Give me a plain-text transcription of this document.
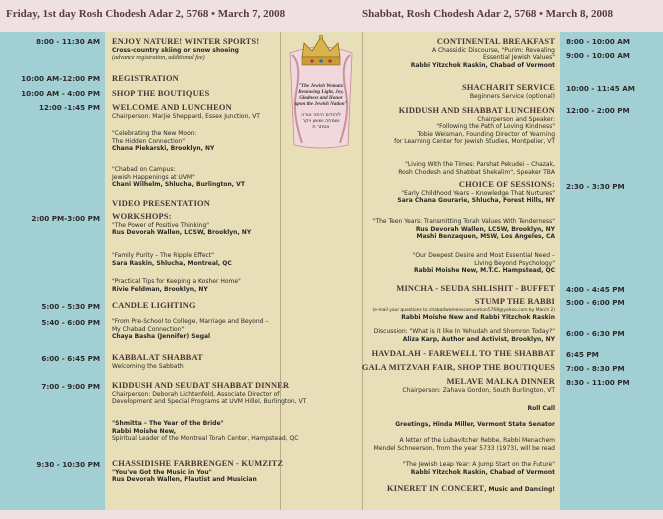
Friday, 1st day Rosh Chodesh Adar 2, 5768 • March 7, 2008	Shabbat, Rosh Chodesh Adar 2, 5768 • March 8, 2008
8:00 - 11:30 AM
10:00 AM-12:00 PM
10:00 AM - 4:00 PM
12:00 -1:45 PM
2:00 PM-3:00 PM
5:00 - 5:30 PM
5:40 - 6:00 PM
6:00 - 6:45 PM
7:00 - 9:00 PM
9:30 - 10:30 PM
8:00 - 10:00 AM
9:00 - 10:00 AM
10:00 - 11:45 AM
12:00 - 2:00 PM
2:30 - 3:30 PM
4:00 - 4:45 PM
5:00 - 6:00 PM
6:00 - 6:30 PM
6:45 PM
7:00 - 8:30 PM
8:30 - 11:00 PM
"The Jewish Woman:
Bestowing Light, Joy,
Gladness and Honor
upon the Jewish Nation"
ליהודים היתה אורה
ושמחה וששון ויקר
אסתר ח
ENJOY NATURE! WINTER SPORTS!
Cross-country skiing or snow shoeing
(advance registration, additional fee)
REGISTRATION
SHOP THE BOUTIQUES
WELCOME AND LUNCHEON
Chairperson: Marjie Sheppard, Essex Junction, VT
"Celebrating the New Moon:
The Hidden Connection"
Chana Piekarski, Brooklyn, NY
"Chabad on Campus:
Jewish Happenings at UVM"
Chani Wilhelm, Shlucha, Burlington, VT
VIDEO PRESENTATION
WORKSHOPS:
"The Power of Positive Thinking"
Rus Devorah Wallen, LCSW, Brooklyn, NY
"Family Purity – The Ripple Effect"
Sara Raskin, Shlucha, Montreal, QC
"Practical Tips for Keeping a Kosher Home"
Rivie Feldman, Brooklyn, NY
CANDLE LIGHTING
"From Pre-School to College, Marriage and Beyond –
My Chabad Connection"
Chaya Basha (Jennifer) Segal
KABBALAT SHABBAT
Welcoming the Sabbath
KIDDUSH AND SEUDAT SHABBAT DINNER
Chairperson: Deborah Lichtenfeld, Associate Director of
Development and Special Programs at UVM Hillel, Burlington, VT
"Shmitta – The Year of the Bride"
Rabbi Moishe New,
Spiritual Leader of the Montreal Torah Center, Hampstead, QC
CHASSIDISHE FARBRENGEN - KUMZITZ
"You've Got the Music in You"
Rus Devorah Wallen, Flautist and Musician
CONTINENTAL BREAKFAST
A Chassidic Discourse, "Purim: Revealing
Essential Jewish Values"
Rabbi Yitzchok Raskin, Chabad of Vermont
SHACHARIT SERVICE
Beginners Service (optional)
KIDDUSH AND SHABBAT LUNCHEON
Chairperson and Speaker:
"Following the Path of Loving Kindness"
Tobie Weisman, Founding Director of Yearning
for Learning Center for Jewish Studies, Montpelier, VT
"Living With the Times: Parshat Pekudei – Chazak,
Rosh Chodesh and Shabbat Shekalim", Speaker TBA
CHOICE OF SESSIONS:
"Early Childhood Years – Knowledge That Nurtures"
Sara Chana Gourarie, Shlucha, Forest Hills, NY
"The Teen Years: Transmitting Torah Values With Tenderness"
Rus Devorah Wallen, LCSW, Brooklyn, NY
Mashi Benzaquen, MSW, Los Angeles, CA
"Our Deepest Desire and Most Essential Need –
Living Beyond Psychology"
Rabbi Moishe New, M.T.C. Hampstead, QC
MINCHA - SEUDA SHLISHIT - BUFFET
STUMP THE RABBI
(e-mail your questions to chabadwomensconvention5768@yahoo.com by March 2)
Rabbi Moishe New and Rabbi Yitzchok Raskin
Discussion: "What is it like In Yehudah and Shomron Today?"
Aliza Karp, Author and Activist, Brooklyn, NY
HAVDALAH - FAREWELL TO THE SHABBAT
GALA MITZVAH FAIR, SHOP THE BOUTIQUES
MELAVE MALKA DINNER
Chairperson: Zahava Gordon, South Burlington, VT
Roll Call
Greetings, Hinda Miller, Vermont State Senator
A letter of the Lubavitcher Rebbe, Rabbi Menachem
Mendel Schneerson, from the year 5733 (1973), will be read
"The Jewish Leap Year: A Jump Start on the Future"
Rabbi Yitzchok Raskin, Chabad of Vermont
KINERET IN CONCERT, Music and Dancing!
